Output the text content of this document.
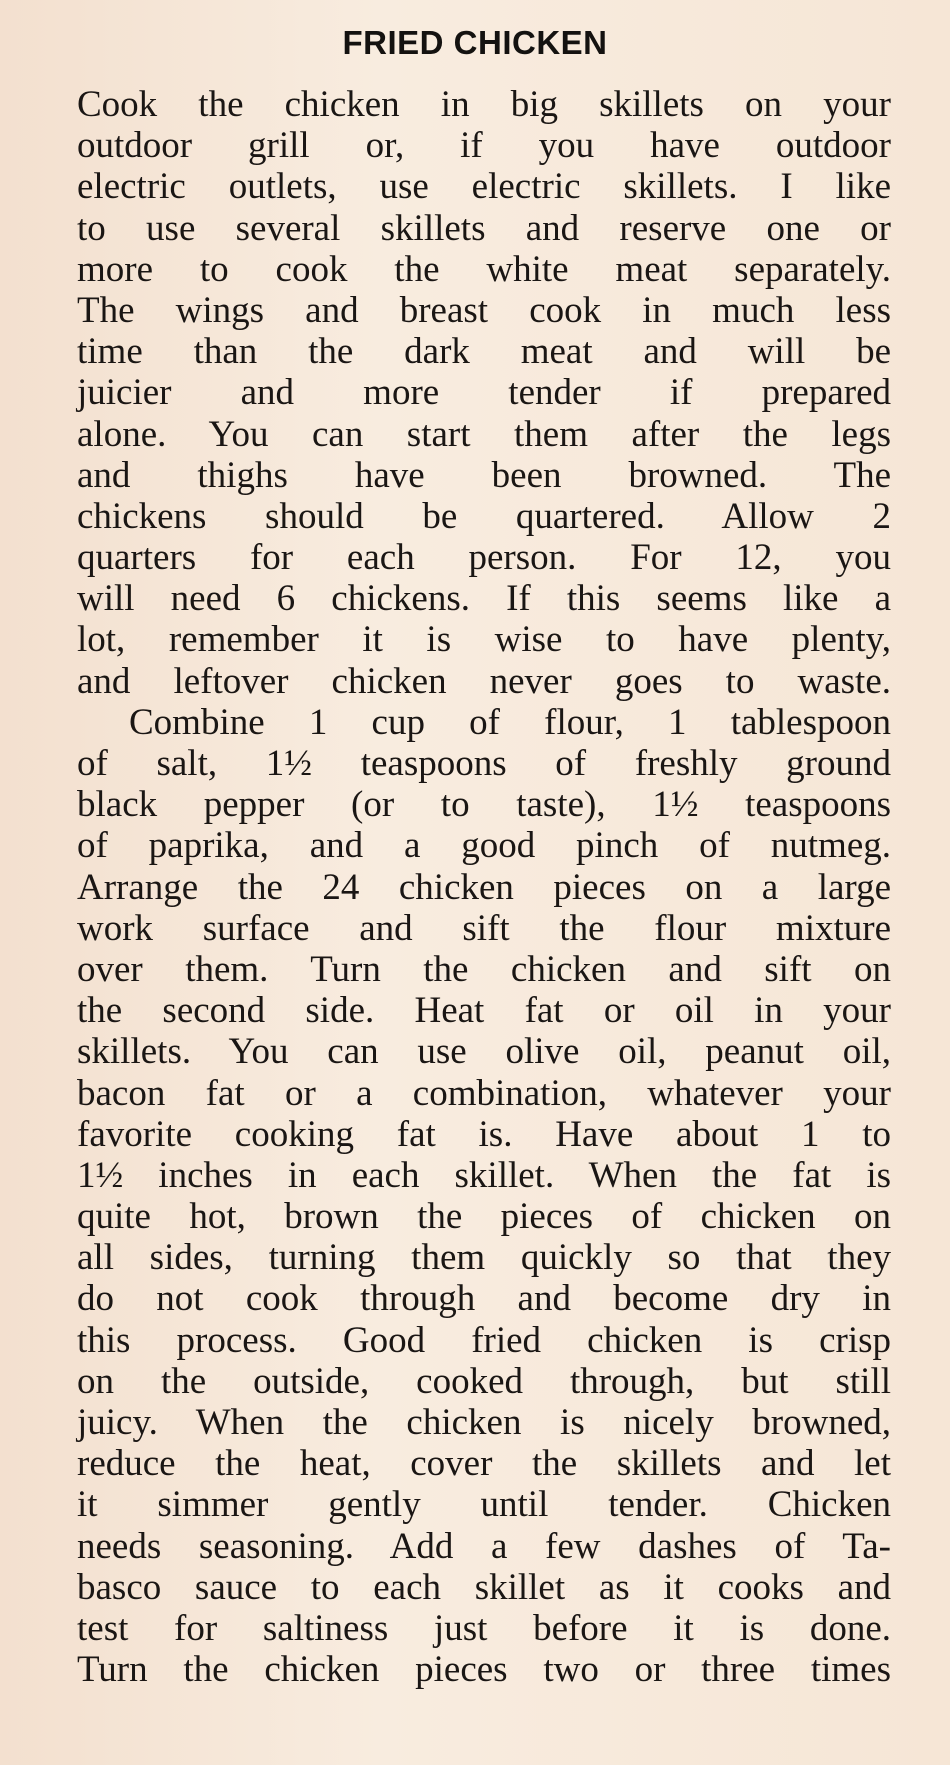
FRIED CHICKEN
Cook the chicken in big skillets on your
outdoor grill or, if you have outdoor
electric outlets, use electric skillets. I like
to use several skillets and reserve one or
more to cook the white meat separately.
The wings and breast cook in much less
time than the dark meat and will be
juicier and more tender if prepared
alone. You can start them after the legs
and thighs have been browned. The
chickens should be quartered. Allow 2
quarters for each person. For 12, you
will need 6 chickens. If this seems like a
lot, remember it is wise to have plenty,
and leftover chicken never goes to waste.
Combine 1 cup of flour, 1 tablespoon
of salt, 1½ teaspoons of freshly ground
black pepper (or to taste), 1½ teaspoons
of paprika, and a good pinch of nutmeg.
Arrange the 24 chicken pieces on a large
work surface and sift the flour mixture
over them. Turn the chicken and sift on
the second side. Heat fat or oil in your
skillets. You can use olive oil, peanut oil,
bacon fat or a combination, whatever your
favorite cooking fat is. Have about 1 to
1½ inches in each skillet. When the fat is
quite hot, brown the pieces of chicken on
all sides, turning them quickly so that they
do not cook through and become dry in
this process. Good fried chicken is crisp
on the outside, cooked through, but still
juicy. When the chicken is nicely browned,
reduce the heat, cover the skillets and let
it simmer gently until tender. Chicken
needs seasoning. Add a few dashes of Ta-
basco sauce to each skillet as it cooks and
test for saltiness just before it is done.
Turn the chicken pieces two or three times
